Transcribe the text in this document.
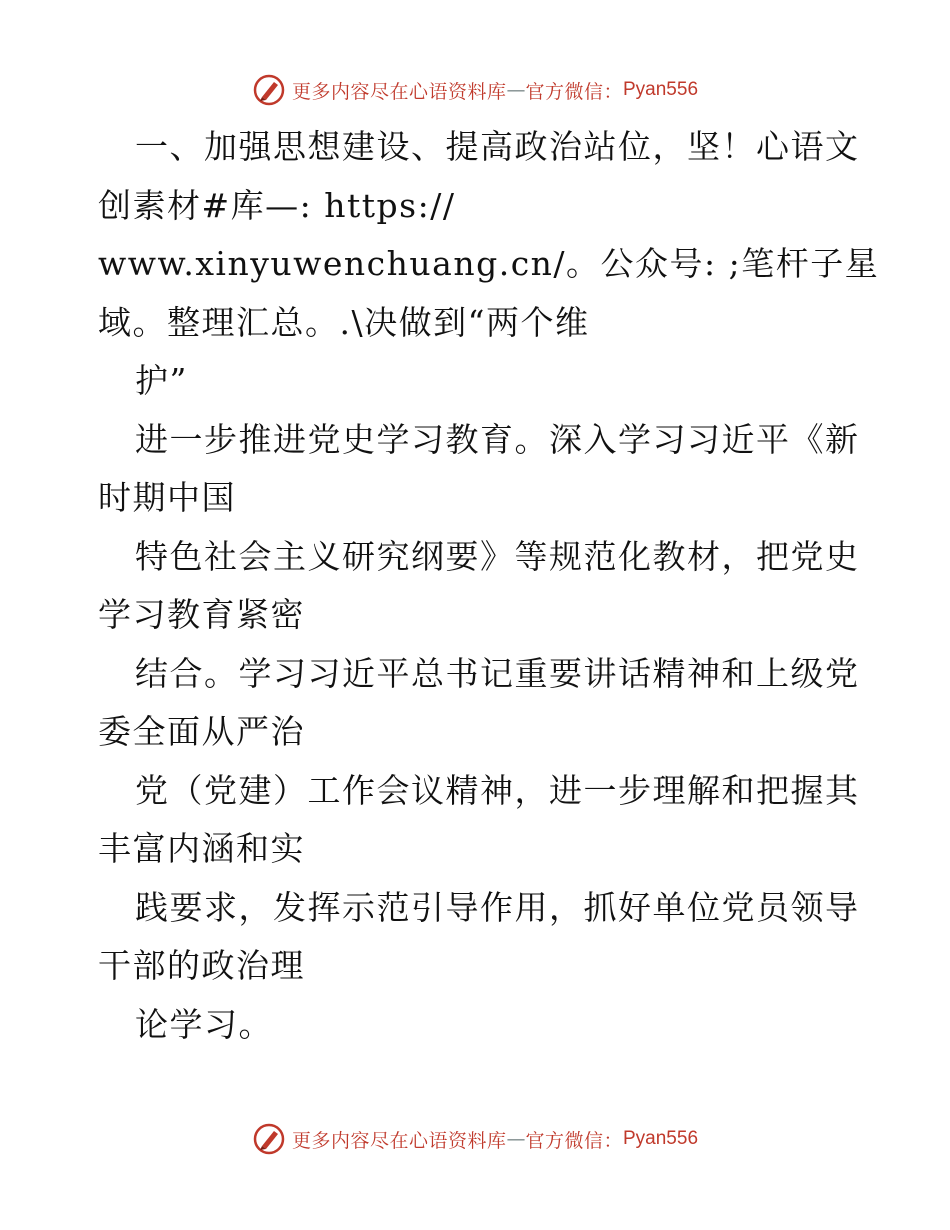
更多内容尽在心语资料库 — 官方微信： Pyan556
一、加强思想建设、提高政治站位，坚！心语文
创素材#库—: https://
www.xinyuwenchuang.cn/。公众号: ;笔杆子星
域。整理汇总。.\决做到“两个维
护”
进一步推进党史学习教育。深入学习习近平《新
时期中国
特色社会主义研究纲要》等规范化教材，把党史
学习教育紧密
结合。学习习近平总书记重要讲话精神和上级党
委全面从严治
党（党建）工作会议精神，进一步理解和把握其
丰富内涵和实
践要求，发挥示范引导作用，抓好单位党员领导
干部的政治理
论学习。
更多内容尽在心语资料库 — 官方微信： Pyan556
